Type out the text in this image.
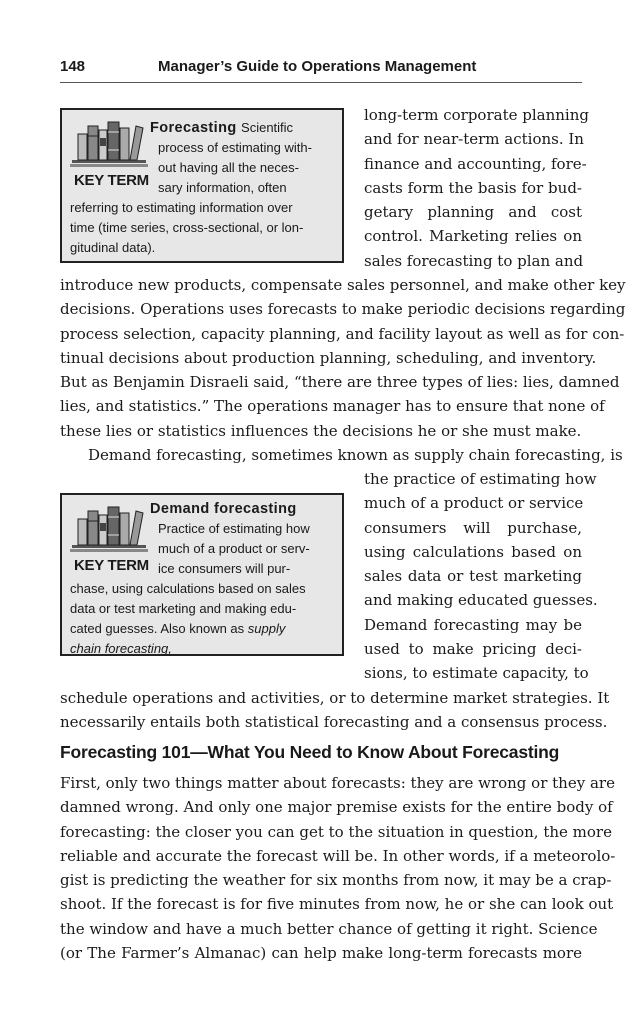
148	Manager’s Guide to Operations Management
KEY TERM
Forecasting Scientific
process of estimating with-
out having all the neces-
sary information, often
referring to estimating information over
time (time series, cross-sectional, or lon-
gitudinal data).
long-term corporate planning
and for near-term actions. In
finance and accounting, fore-
casts form the basis for bud-
getary planning and cost
control. Marketing relies on
sales forecasting to plan and
introduce new products, compensate sales personnel, and make other key
decisions. Operations uses forecasts to make periodic decisions regarding
process selection, capacity planning, and facility layout as well as for con-
tinual decisions about production planning, scheduling, and inventory.
But as Benjamin Disraeli said, “there are three types of lies: lies, damned
lies, and statistics.” The operations manager has to ensure that none of
these lies or statistics influences the decisions he or she must make.
Demand forecasting, sometimes known as supply chain forecasting, is
KEY TERM
Demand forecasting
Practice of estimating how
much of a product or serv-
ice consumers will pur-
chase, using calculations based on sales
data or test marketing and making edu-
cated guesses. Also known as supply
chain forecasting,
the practice of estimating how
much of a product or service
consumers will purchase,
using calculations based on
sales data or test marketing
and making educated guesses.
Demand forecasting may be
used to make pricing deci-
sions, to estimate capacity, to
schedule operations and activities, or to determine market strategies. It
necessarily entails both statistical forecasting and a consensus process.
Forecasting 101—What You Need to Know About Forecasting
First, only two things matter about forecasts: they are wrong or they are
damned wrong. And only one major premise exists for the entire body of
forecasting: the closer you can get to the situation in question, the more
reliable and accurate the forecast will be. In other words, if a meteorolo-
gist is predicting the weather for six months from now, it may be a crap-
shoot. If the forecast is for five minutes from now, he or she can look out
the window and have a much better chance of getting it right. Science
(or The Farmer’s Almanac) can help make long-term forecasts more
